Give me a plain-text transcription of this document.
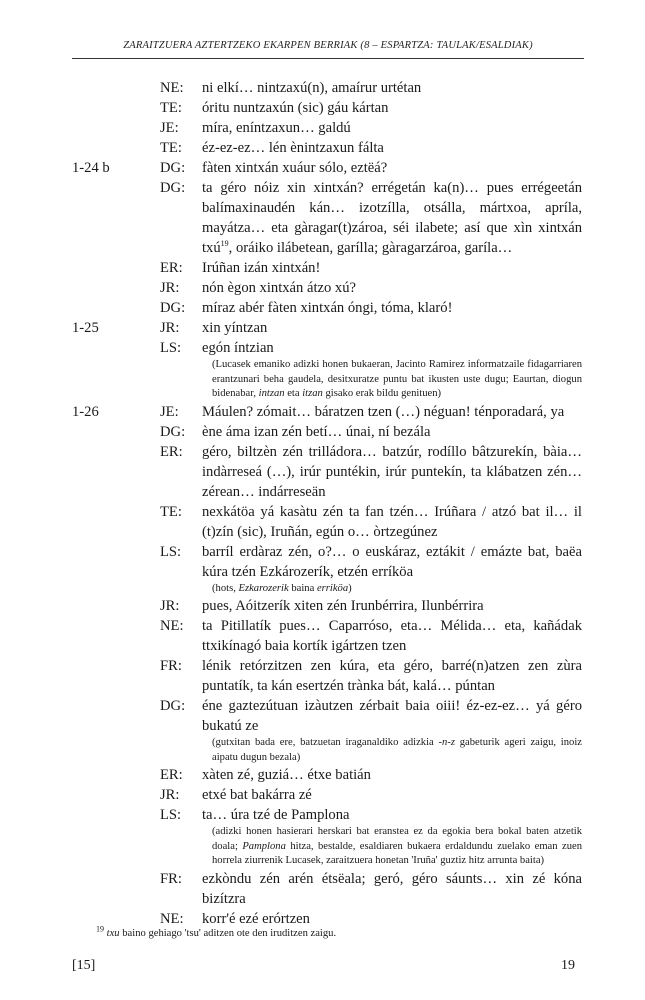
ZARAITZUERA AZTERTZEKO EKARPEN BERRIAK (8 – ESPARTZA: TAULAK/ESALDIAK)
NE: ni elkí… nintzaxú(n), amaírur urtétan
TE: óritu nuntzaxún (sic) gáu kártan
JE: míra, eníntzaxun… galdú
TE: éz-ez-ez… lén ènintzaxun fálta
1-24 b	DG: fàten xintxán xuáur sólo, eztëá?
DG: ta géro nóiz xin xintxán? errégetán ka(n)… pues errégeetán balímaxinaudén kán… izotzílla, otsálla, mártxoa, apríla, mayátza… eta gàragar(t)zároa, séi ilabete; así que xìn xintxán txú$^{19}$, oráiko ilábetean, garílla; gàragarzároa, garíla…
ER: Irúñan izán xintxán!
JR: nón ègon xintxán átzo xú?
DG: míraz abér fàten xintxán óngi, tóma, klaró!
1-25	JR: xin yíntzan
LS: egón íntzian
(Lucasek emaniko adizki honen bukaeran, Jacinto Ramirez informatzaile fidagarriaren erantzunari beha gaudela, desitxuratze puntu bat ikusten uste dugu; Eaurtan, diogun bidenabar, intzan eta itzan gisako erak bildu genituen)
1-26	JE: Máulen? zómait… báratzen tzen (…) néguan! ténporadará, ya
DG: ène áma izan zén betí… únai, ní bezála
ER: géro, biltzèn zén trilládora… batzúr, rodíllo bâtzurekín, bàia… indàrreseá (…), irúr puntékin, irúr puntekín, ta klábatzen zén… zérean… indárreseän
TE: nexkátöa yá kasàtu zén ta fan tzén… Irúñara / atzó bat il… il (t)zín (sic), Iruñán, egún o… òrtzegúnez
LS: barríl erdàraz zén, o?… o euskáraz, eztákit / emázte bat, baëa kúra tzén Ezkározerík, etzén erríköa
(hots, Ezkarozerik baina erriköa)
JR: pues, Aóitzerík xiten zén Irunbérrira, Ilunbérrira
NE: ta Pitillatík pues… Caparróso, eta… Mélida… eta, kañádak ttxikínagó baia kortík igártzen tzen
FR: lénik retórzitzen zen kúra, eta géro, barré(n)atzen zen zùra puntatík, ta kán esertzén trànka bát, kalá… púntan
DG: éne gaztezútuan izàutzen zérbait baia oiii! éz-ez-ez… yá géro bukatú ze
(gutxitan bada ere, batzuetan iraganaldiko adizkia -n-z gabeturik ageri zaigu, inoiz aipatu dugun bezala)
ER: xàten zé, guziá… étxe batián
JR: etxé bat bakárra zé
LS: ta… úra tzé de Pamplona
(adizki honen hasierari herskari bat eranstea ez da egokia bera bokal baten atzetik doala; Pamplona hitza, bestalde, esaldiaren bukaera erdaldundu zuelako eman zuen horrela ziurrenik Lucasek, zaraitzuera honetan 'Iruña' guztiz hitz arrunta baita)
FR: ezkòndu zén arén étsëala; geró, géro sáunts… xin zé kóna bizítzra
NE: korr'é ezé erórtzen
$^{19}$ txu baino gehiago 'tsu' aditzen ote den iruditzen zaigu.
[15]	19
